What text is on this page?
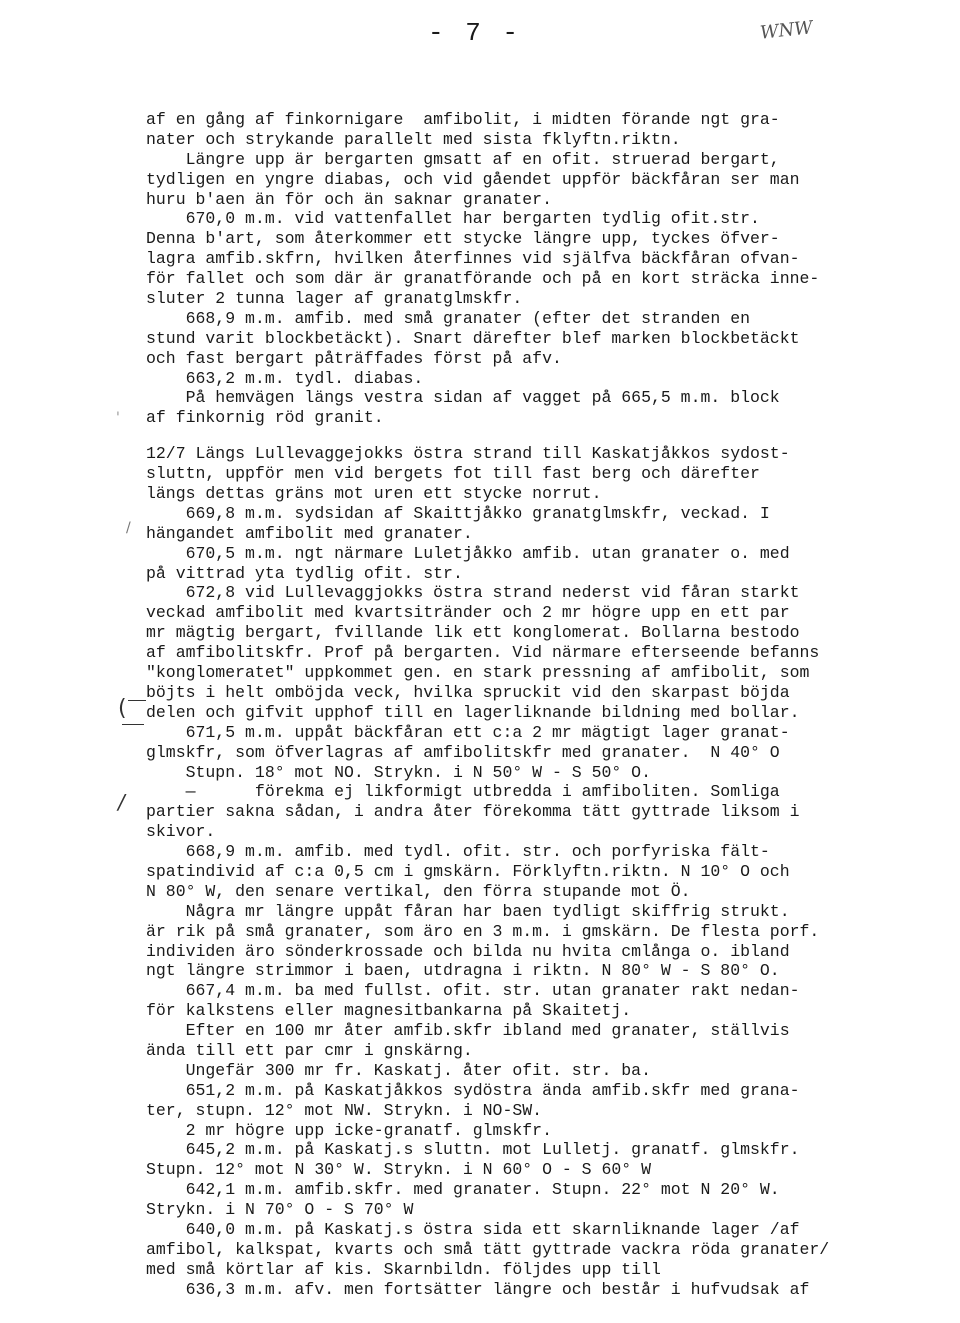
- 7 -	WNW
(
/
/
'
af en gång af finkornigare  amfibolit, i midten förande ngt gra-
nater och strykande parallelt med sista fklyftn.riktn.
Längre upp är bergarten gmsatt af en ofit. struerad bergart,
tydligen en yngre diabas, och vid gåendet uppför bäckfåran ser man
huru b'aen än för och än saknar granater.
670,0 m.m. vid vattenfallet har bergarten tydlig ofit.str.
Denna b'art, som återkommer ett stycke längre upp, tyckes öfver-
lagra amfib.skfrn, hvilken återfinnes vid själfva bäckfåran ofvan-
för fallet och som där är granatförande och på en kort sträcka inne-
sluter 2 tunna lager af granatglmskfr.
668,9 m.m. amfib. med små granater (efter det stranden en
stund varit blockbetäckt). Snart därefter blef marken blockbetäckt
och fast bergart påträffades först på afv.
663,2 m.m. tydl. diabas.
På hemvägen längs vestra sidan af vagget på 665,5 m.m. block
af finkornig röd granit.
12/7 Längs Lullevaggejokks östra strand till Kaskatjåkkos sydost-
sluttn, uppför men vid bergets fot till fast berg och därefter
längs dettas gräns mot uren ett stycke norrut.
669,8 m.m. sydsidan af Skaittjåkko granatglmskfr, veckad. I
hängandet amfibolit med granater.
670,5 m.m. ngt närmare Luletjåkko amfib. utan granater o. med
på vittrad yta tydlig ofit. str.
672,8 vid Lullevaggjokks östra strand nederst vid fåran starkt
veckad amfibolit med kvartsitränder och 2 mr högre upp en ett par
mr mägtig bergart, fvillande lik ett konglomerat. Bollarna bestodo
af amfibolitskfr. Prof på bergarten. Vid närmare efterseende befanns
"konglomeratet" uppkommet gen. en stark pressning af amfibolit, som
böjts i helt omböjda veck, hvilka spruckit vid den skarpast böjda
delen och gifvit upphof till en lagerliknande bildning med bollar.
671,5 m.m. uppåt bäckfåran ett c:a 2 mr mägtigt lager granat-
glmskfr, som öfverlagras af amfibolitskfr med granater.  N 40° O
Stupn. 18° mot NO. Strykn. i N 50° W - S 50° O.
—      förekma ej likformigt utbredda i amfiboliten. Somliga
partier sakna sådan, i andra åter förekomma tätt gyttrade liksom i
skivor.
668,9 m.m. amfib. med tydl. ofit. str. och porfyriska fält-
spatindivid af c:a 0,5 cm i gmskärn. Förklyftn.riktn. N 10° O och
N 80° W, den senare vertikal, den förra stupande mot Ö.
Några mr längre uppåt fåran har baen tydligt skiffrig strukt.
är rik på små granater, som äro en 3 m.m. i gmskärn. De flesta porf.
individen äro sönderkrossade och bilda nu hvita cmlånga o. ibland
ngt längre strimmor i baen, utdragna i riktn. N 80° W - S 80° O.
667,4 m.m. ba med fullst. ofit. str. utan granater rakt nedan-
för kalkstens eller magnesitbankarna på Skaitetj.
Efter en 100 mr åter amfib.skfr ibland med granater, ställvis
ända till ett par cmr i gnskärng.
Ungefär 300 mr fr. Kaskatj. åter ofit. str. ba.
651,2 m.m. på Kaskatjåkkos sydöstra ända amfib.skfr med grana-
ter, stupn. 12° mot NW. Strykn. i NO-SW.
2 mr högre upp icke-granatf. glmskfr.
645,2 m.m. på Kaskatj.s sluttn. mot Lulletj. granatf. glmskfr.
Stupn. 12° mot N 30° W. Strykn. i N 60° O - S 60° W
642,1 m.m. amfib.skfr. med granater. Stupn. 22° mot N 20° W.
Strykn. i N 70° O - S 70° W
640,0 m.m. på Kaskatj.s östra sida ett skarnliknande lager /af
amfibol, kalkspat, kvarts och små tätt gyttrade vackra röda granater/
med små körtlar af kis. Skarnbildn. följdes upp till
636,3 m.m. afv. men fortsätter längre och består i hufvudsak af
